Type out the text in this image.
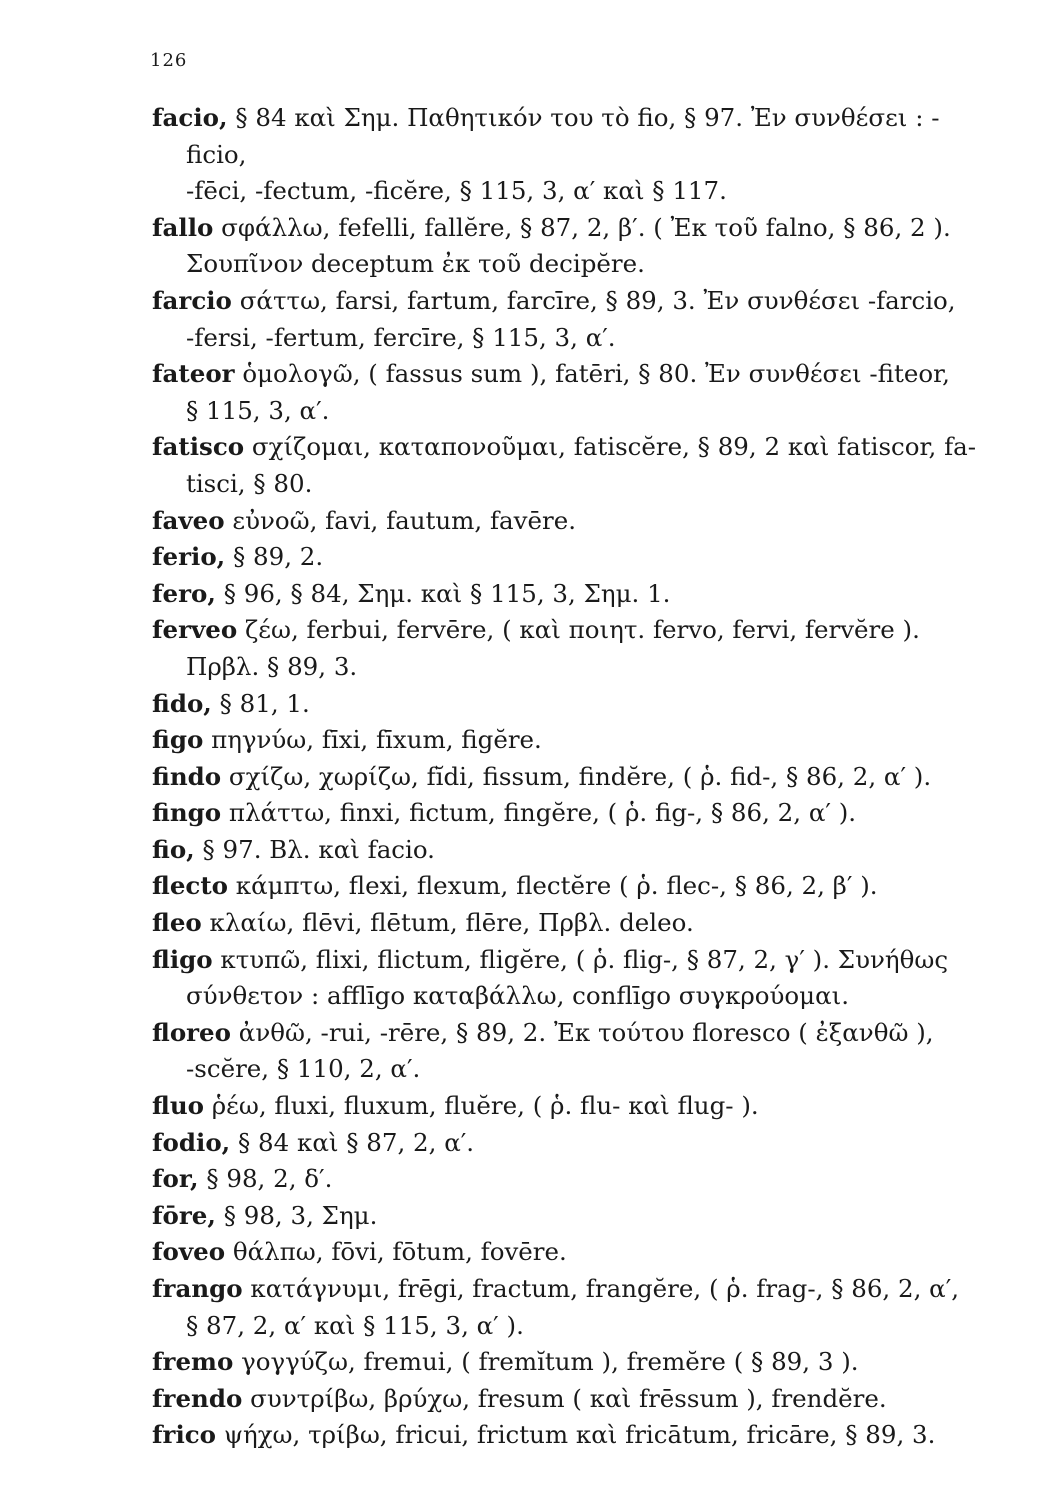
126
facio, § 84 καὶ Σημ. Παθητικόν του τὸ fio, § 97. Ἐν συνθέσει : -ficio,
-fēci, -fectum, -ficĕre, § 115, 3, α′ καὶ § 117.
fallo σφάλλω, fefelli, fallĕre, § 87, 2, β′. ( Ἐκ τοῦ falno, § 86, 2 ).
Σουπῖνον deceptum ἐκ τοῦ decipĕre.
farcio σάττω, farsi, fartum, farcīre, § 89, 3. Ἐν συνθέσει -farcio,
-fersi, -fertum, fercīre, § 115, 3, α′.
fateor ὁμολογῶ, ( fassus sum ), fatēri, § 80. Ἐν συνθέσει -fiteor,
§ 115, 3, α′.
fatisco σχίζομαι, καταπονοῦμαι, fatiscĕre, § 89, 2 καὶ fatiscor, fa-
tisci, § 80.
faveo εὐνοῶ, favi, fautum, favēre.
ferio, § 89, 2.
fero, § 96, § 84, Σημ. καὶ § 115, 3, Σημ. 1.
ferveo ζέω, ferbui, fervēre, ( καὶ ποιητ. fervo, fervi, fervĕre ).
Πρβλ. § 89, 3.
fido, § 81, 1.
figo πηγνύω, fīxi, fīxum, figĕre.
findo σχίζω, χωρίζω, fĭdi, fissum, findĕre, ( ῥ. fid-, § 86, 2, α′ ).
fingo πλάττω, finxi, fictum, fingĕre, ( ῥ. fig-, § 86, 2, α′ ).
fio, § 97. Βλ. καὶ facio.
flecto κάμπτω, flexi, flexum, flectĕre ( ῥ. flec-, § 86, 2, β′ ).
fleo κλαίω, flēvi, flētum, flēre, Πρβλ. deleo.
fligo κτυπῶ, flixi, flictum, fligĕre, ( ῥ. flig-, § 87, 2, γ′ ). Συνήθως
σύνθετον : afflīgo καταβάλλω, conflīgo συγκρούομαι.
floreo ἀνθῶ, -rui, -rēre, § 89, 2. Ἐκ τούτου floresco ( ἐξανθῶ ),
-scĕre, § 110, 2, α′.
fluo ῥέω, fluxi, fluxum, fluĕre, ( ῥ. flu- καὶ flug- ).
fodio, § 84 καὶ § 87, 2, α′.
for, § 98, 2, δ′.
fōre, § 98, 3, Σημ.
foveo θάλπω, fōvi, fōtum, fovēre.
frango κατάγνυμι, frēgi, fractum, frangĕre, ( ῥ. frag-, § 86, 2, α′,
§ 87, 2, α′ καὶ § 115, 3, α′ ).
fremo γογγύζω, fremui, ( fremĭtum ), fremĕre ( § 89, 3 ).
frendo συντρίβω, βρύχω, fresum ( καὶ frēssum ), frendĕre.
frico ψήχω, τρίβω, fricui, frictum καὶ fricātum, fricāre, § 89, 3.
